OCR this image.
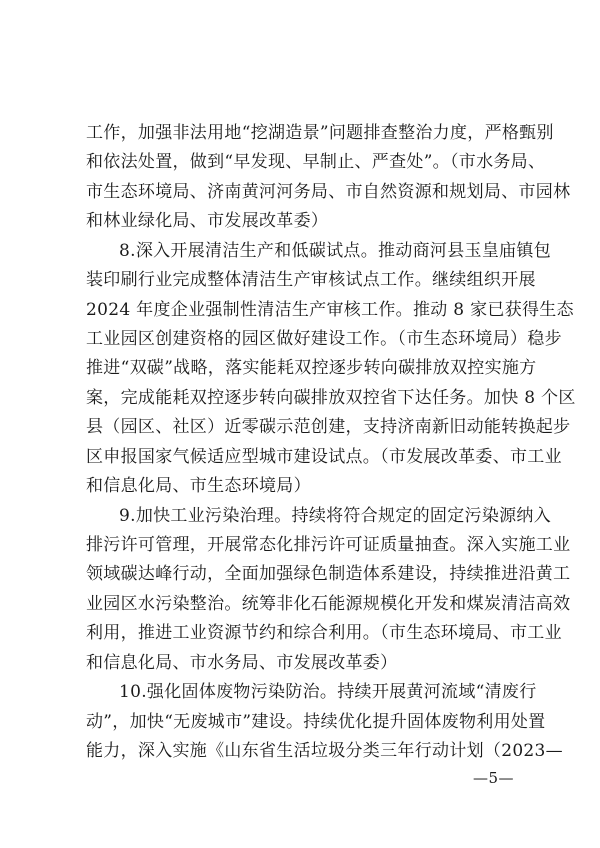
工作，加强非法用地“挖湖造景”问题排查整治力度，严格甄别
和依法处置，做到“早发现、早制止、严查处”。（市水务局、
市生态环境局、济南黄河河务局、市自然资源和规划局、市园林
和林业绿化局、市发展改革委）
8.深入开展清洁生产和低碳试点。推动商河县玉皇庙镇包
装印刷行业完成整体清洁生产审核试点工作。继续组织开展
2024 年度企业强制性清洁生产审核工作。推动 8 家已获得生态
工业园区创建资格的园区做好建设工作。（市生态环境局）稳步
推进“双碳”战略，落实能耗双控逐步转向碳排放双控实施方
案，完成能耗双控逐步转向碳排放双控省下达任务。加快 8 个区
县（园区、社区）近零碳示范创建，支持济南新旧动能转换起步
区申报国家气候适应型城市建设试点。（市发展改革委、市工业
和信息化局、市生态环境局）
9.加快工业污染治理。持续将符合规定的固定污染源纳入
排污许可管理，开展常态化排污许可证质量抽查。深入实施工业
领域碳达峰行动，全面加强绿色制造体系建设，持续推进沿黄工
业园区水污染整治。统筹非化石能源规模化开发和煤炭清洁高效
利用，推进工业资源节约和综合利用。（市生态环境局、市工业
和信息化局、市水务局、市发展改革委）
10.强化固体废物污染防治。持续开展黄河流域“清废行
动”，加快“无废城市”建设。持续优化提升固体废物利用处置
能力，深入实施《山东省生活垃圾分类三年行动计划（2023—
—5—
